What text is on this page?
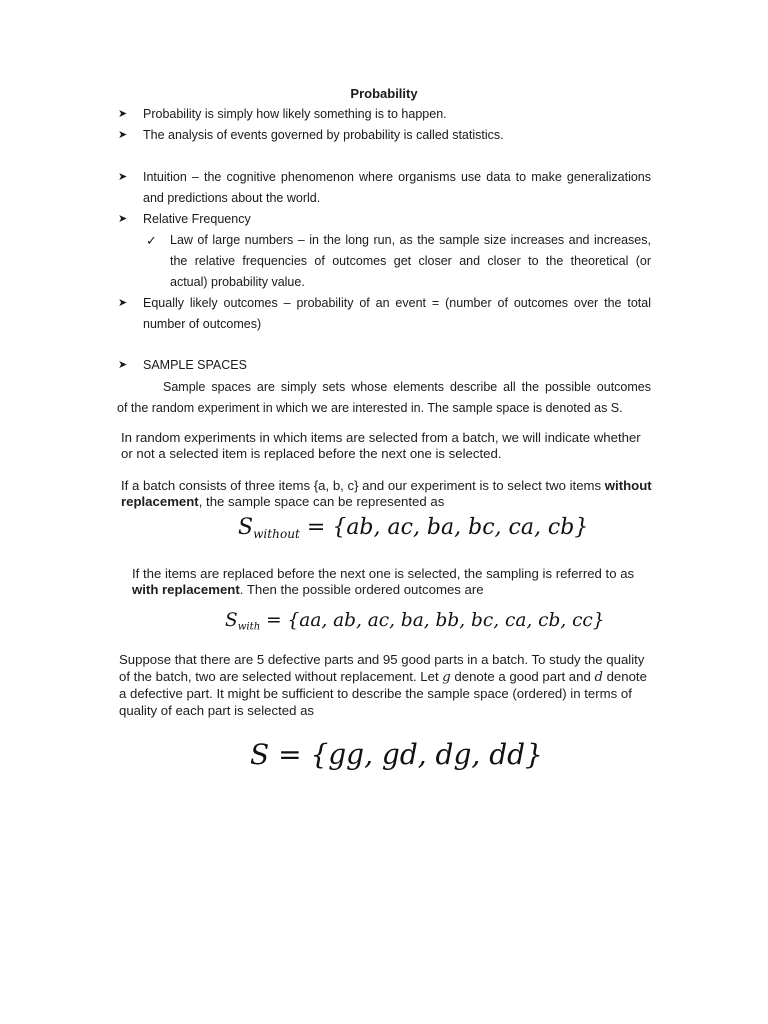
Probability
➤ Probability is simply how likely something is to happen.
➤ The analysis of events governed by probability is called statistics.
➤ Intuition – the cognitive phenomenon where organisms use data to make generalizations
and predictions about the world.
➤ Relative Frequency
✓ Law of large numbers – in the long run, as the sample size increases and increases,
the relative frequencies of outcomes get closer and closer to the theoretical (or
actual) probability value.
➤ Equally likely outcomes – probability of an event = (number of outcomes over the total
number of outcomes)
➤ SAMPLE SPACES
Sample spaces are simply sets whose elements describe all the possible outcomes
of the random experiment in which we are interested in. The sample space is denoted as S.
In random experiments in which items are selected from a batch, we will indicate whether
or not a selected item is replaced before the next one is selected.
If a batch consists of three items {a, b, c} and our experiment is to select two items without
replacement, the sample space can be represented as
$S_{without} = \{ab$, ac, ba, bc, ca, cb}
If the items are replaced before the next one is selected, the sampling is referred to as
with replacement. Then the possible ordered outcomes are
$S_{with} = \{aa$, ab, ac, ba, bb, bc, ca, cb, cc}
Suppose that there are 5 defective parts and 95 good parts in a batch. To study the quality
of the batch, two are selected without replacement. Let g denote a good part and d denote
a defective part. It might be sufficient to describe the sample space (ordered) in terms of
quality of each part is selected as
S = {gg, gd, dg, dd}
